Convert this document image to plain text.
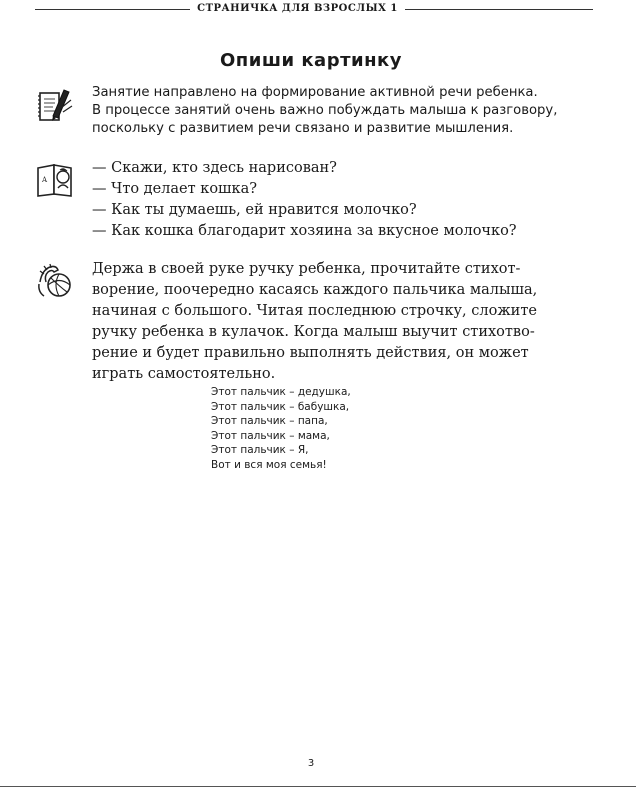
СТРАНИЧКА ДЛЯ ВЗРОСЛЫХ 1
Опиши картинку
Занятие направлено на формирование активной речи ребенка.
В процессе занятий очень важно побуждать малыша к разговору,
поскольку с развитием речи связано и развитие мышления.
A
— Скажи, кто здесь нарисован?
— Что делает кошка?
— Как ты думаешь, ей нравится молочко?
— Как кошка благодарит хозяина за вкусное молочко?
Держа в своей руке ручку ребенка, прочитайте стихот-
ворение, поочередно касаясь каждого пальчика малыша,
начиная с большого. Читая последнюю строчку, сложите
ручку ребенка в кулачок. Когда малыш выучит стихотво-
рение и будет правильно выполнять действия, он может
играть самостоятельно.
Этот пальчик – дедушка,
Этот пальчик – бабушка,
Этот пальчик – папа,
Этот пальчик – мама,
Этот пальчик – Я,
Вот и вся моя семья!
3
